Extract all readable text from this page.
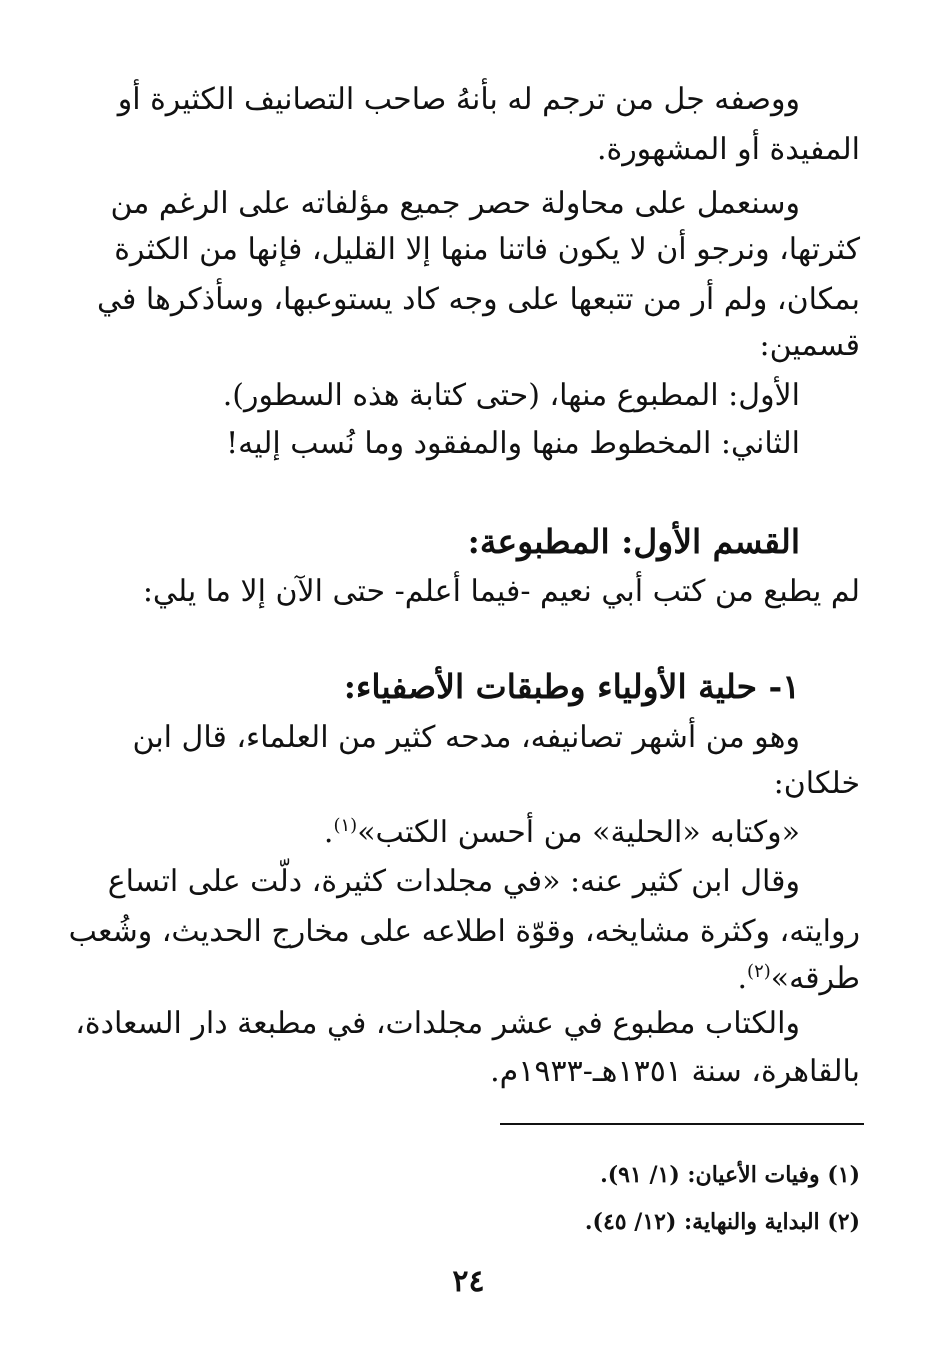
ووصفه جل من ترجم له بأنهُ صاحب التصانيف الكثيرة أو
المفيدة أو المشهورة.
وسنعمل على محاولة حصر جميع مؤلفاته على الرغم من
كثرتها، ونرجو أن لا يكون فاتنا منها إلا القليل، فإنها من الكثرة
بمكان، ولم أر من تتبعها على وجه كاد يستوعبها، وسأذكرها في
قسمين:
الأول: المطبوع منها، (حتى كتابة هذه السطور).
الثاني: المخطوط منها والمفقود وما نُسب إليه!
القسم الأول: المطبوعة:
لم يطبع من كتب أبي نعيم -فيما أعلم- حتى الآن إلا ما يلي:
١- حلية الأولياء وطبقات الأصفياء:
وهو من أشهر تصانيفه، مدحه كثير من العلماء، قال ابن
خلكان:
«وكتابه «الحلية» من أحسن الكتب»$^{(١)}$.
وقال ابن كثير عنه: «في مجلدات كثيرة، دلّت على اتساع
روايته، وكثرة مشايخه، وقوّة اطلاعه على مخارج الحديث، وشُعب
طرقه»$^{(٢)}$.
والكتاب مطبوع في عشر مجلدات، في مطبعة دار السعادة،
بالقاهرة، سنة ١٣٥١هـ-١٩٣٣م.
(١) وفيات الأعيان: (١/ ٩١).
(٢) البداية والنهاية: (١٢/ ٤٥).
٢٤
